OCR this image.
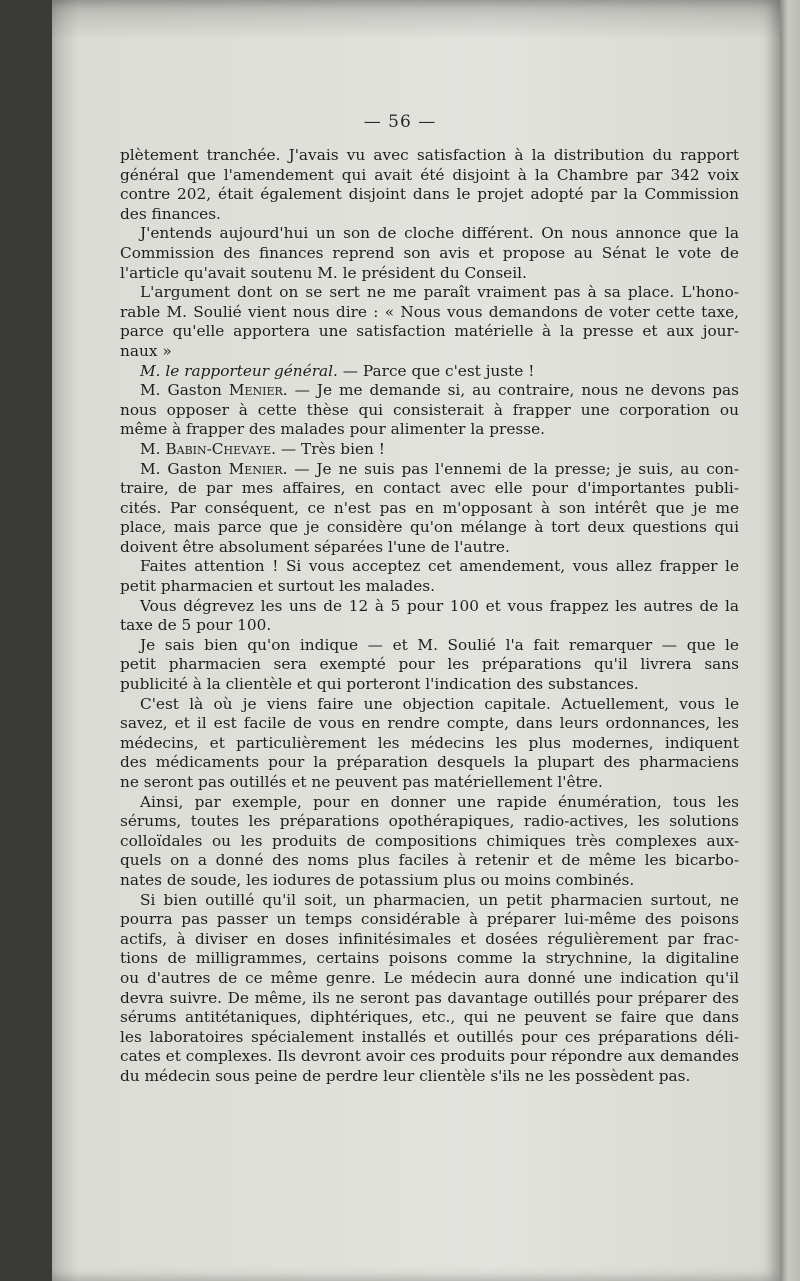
— 56 —
plètement tranchée. J'avais vu avec satisfaction à la distribution du rapport
général que l'amendement qui avait été disjoint à la Chambre par 342 voix
contre 202, était également disjoint dans le projet adopté par la Commission
des finances.
J'entends aujourd'hui un son de cloche différent. On nous annonce que la
Commission des finances reprend son avis et propose au Sénat le vote de
l'article qu'avait soutenu M. le président du Conseil.
L'argument dont on se sert ne me paraît vraiment pas à sa place. L'hono-
rable M. Soulié vient nous dire : « Nous vous demandons de voter cette taxe,
parce qu'elle apportera une satisfaction matérielle à la presse et aux jour-
naux »
M. le rapporteur général. — Parce que c'est juste !
M. Gaston Menier. — Je me demande si, au contraire, nous ne devons pas
nous opposer à cette thèse qui consisterait à frapper une corporation ou
même à frapper des malades pour alimenter la presse.
M. Babin-Chevaye. — Très bien !
M. Gaston Menier. — Je ne suis pas l'ennemi de la presse; je suis, au con-
traire, de par mes affaires, en contact avec elle pour d'importantes publi-
cités. Par conséquent, ce n'est pas en m'opposant à son intérêt que je me
place, mais parce que je considère qu'on mélange à tort deux questions qui
doivent être absolument séparées l'une de l'autre.
Faites attention ! Si vous acceptez cet amendement, vous allez frapper le
petit pharmacien et surtout les malades.
Vous dégrevez les uns de 12 à 5 pour 100 et vous frappez les autres de la
taxe de 5 pour 100.
Je sais bien qu'on indique — et M. Soulié l'a fait remarquer — que le
petit pharmacien sera exempté pour les préparations qu'il livrera sans
publicité à la clientèle et qui porteront l'indication des substances.
C'est là où je viens faire une objection capitale. Actuellement, vous le
savez, et il est facile de vous en rendre compte, dans leurs ordonnances, les
médecins, et particulièrement les médecins les plus modernes, indiquent
des médicaments pour la préparation desquels la plupart des pharmaciens
ne seront pas outillés et ne peuvent pas matériellement l'être.
Ainsi, par exemple, pour en donner une rapide énumération, tous les
sérums, toutes les préparations opothérapiques, radio-actives, les solutions
colloïdales ou les produits de compositions chimiques très complexes aux-
quels on a donné des noms plus faciles à retenir et de même les bicarbo-
nates de soude, les iodures de potassium plus ou moins combinés.
Si bien outillé qu'il soit, un pharmacien, un petit pharmacien surtout, ne
pourra pas passer un temps considérable à préparer lui-même des poisons
actifs, à diviser en doses infinitésimales et dosées régulièrement par frac-
tions de milligrammes, certains poisons comme la strychnine, la digitaline
ou d'autres de ce même genre. Le médecin aura donné une indication qu'il
devra suivre. De même, ils ne seront pas davantage outillés pour préparer des
sérums antitétaniques, diphtériques, etc., qui ne peuvent se faire que dans
les laboratoires spécialement installés et outillés pour ces préparations déli-
cates et complexes. Ils devront avoir ces produits pour répondre aux demandes
du médecin sous peine de perdre leur clientèle s'ils ne les possèdent pas.
